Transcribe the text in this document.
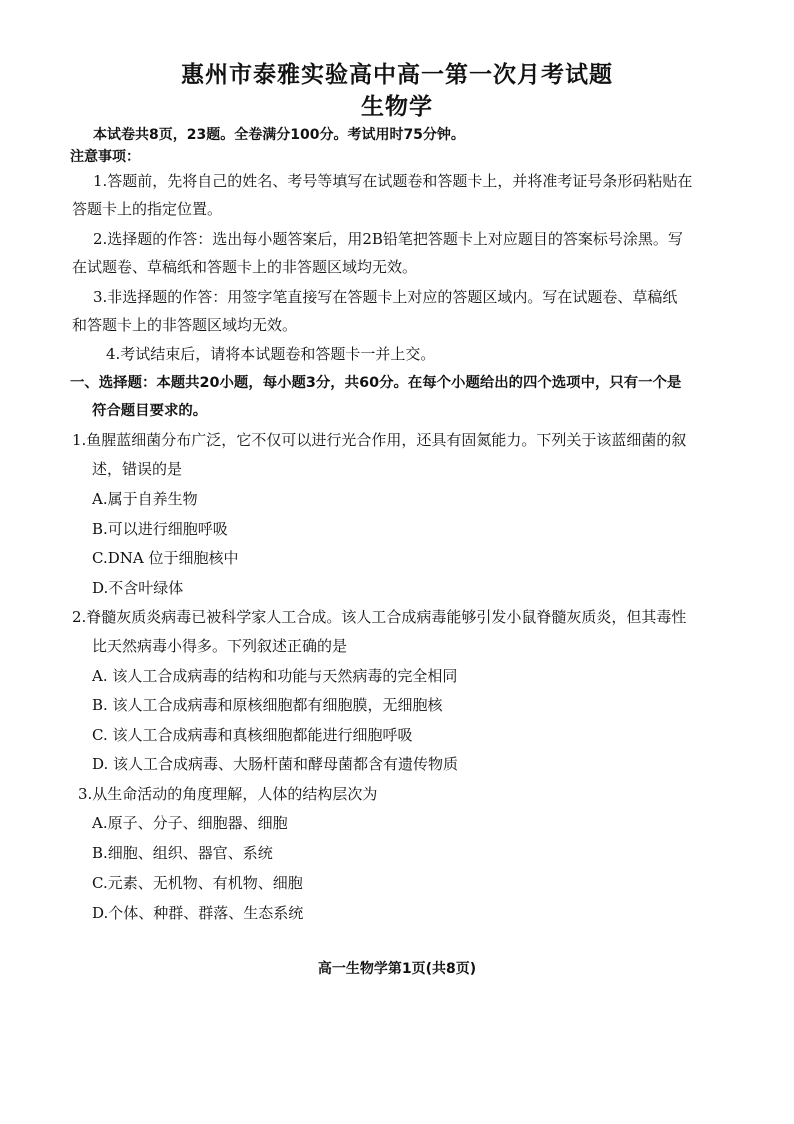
惠州市泰雅实验高中高一第一次月考试题
生物学
本试卷共8页，23题。全卷满分100分。考试用时75分钟。
注意事项：
1.答题前，先将自己的姓名、考号等填写在试题卷和答题卡上，并将准考证号条形码粘贴在
答题卡上的指定位置。
2.选择题的作答：选出每小题答案后，用2B铅笔把答题卡上对应题目的答案标号涂黑。写
在试题卷、草稿纸和答题卡上的非答题区域均无效。
3.非选择题的作答：用签字笔直接写在答题卡上对应的答题区域内。写在试题卷、草稿纸
和答题卡上的非答题区域均无效。
4.考试结束后，请将本试题卷和答题卡一并上交。
一、选择题：本题共20小题，每小题3分，共60分。在每个小题给出的四个选项中，只有一个是
符合题目要求的。
1.鱼腥蓝细菌分布广泛，它不仅可以进行光合作用，还具有固氮能力。下列关于该蓝细菌的叙
述，错误的是
A.属于自养生物
B.可以进行细胞呼吸
C.DNA 位于细胞核中
D.不含叶绿体
2.脊髓灰质炎病毒已被科学家人工合成。该人工合成病毒能够引发小鼠脊髓灰质炎，但其毒性
比天然病毒小得多。下列叙述正确的是
A. 该人工合成病毒的结构和功能与天然病毒的完全相同
B. 该人工合成病毒和原核细胞都有细胞膜，无细胞核
C. 该人工合成病毒和真核细胞都能进行细胞呼吸
D. 该人工合成病毒、大肠杆菌和酵母菌都含有遗传物质
3.从生命活动的角度理解，人体的结构层次为
A.原子、分子、细胞器、细胞
B.细胞、组织、器官、系统
C.元素、无机物、有机物、细胞
D.个体、种群、群落、生态系统
高一生物学第1页(共8页)
